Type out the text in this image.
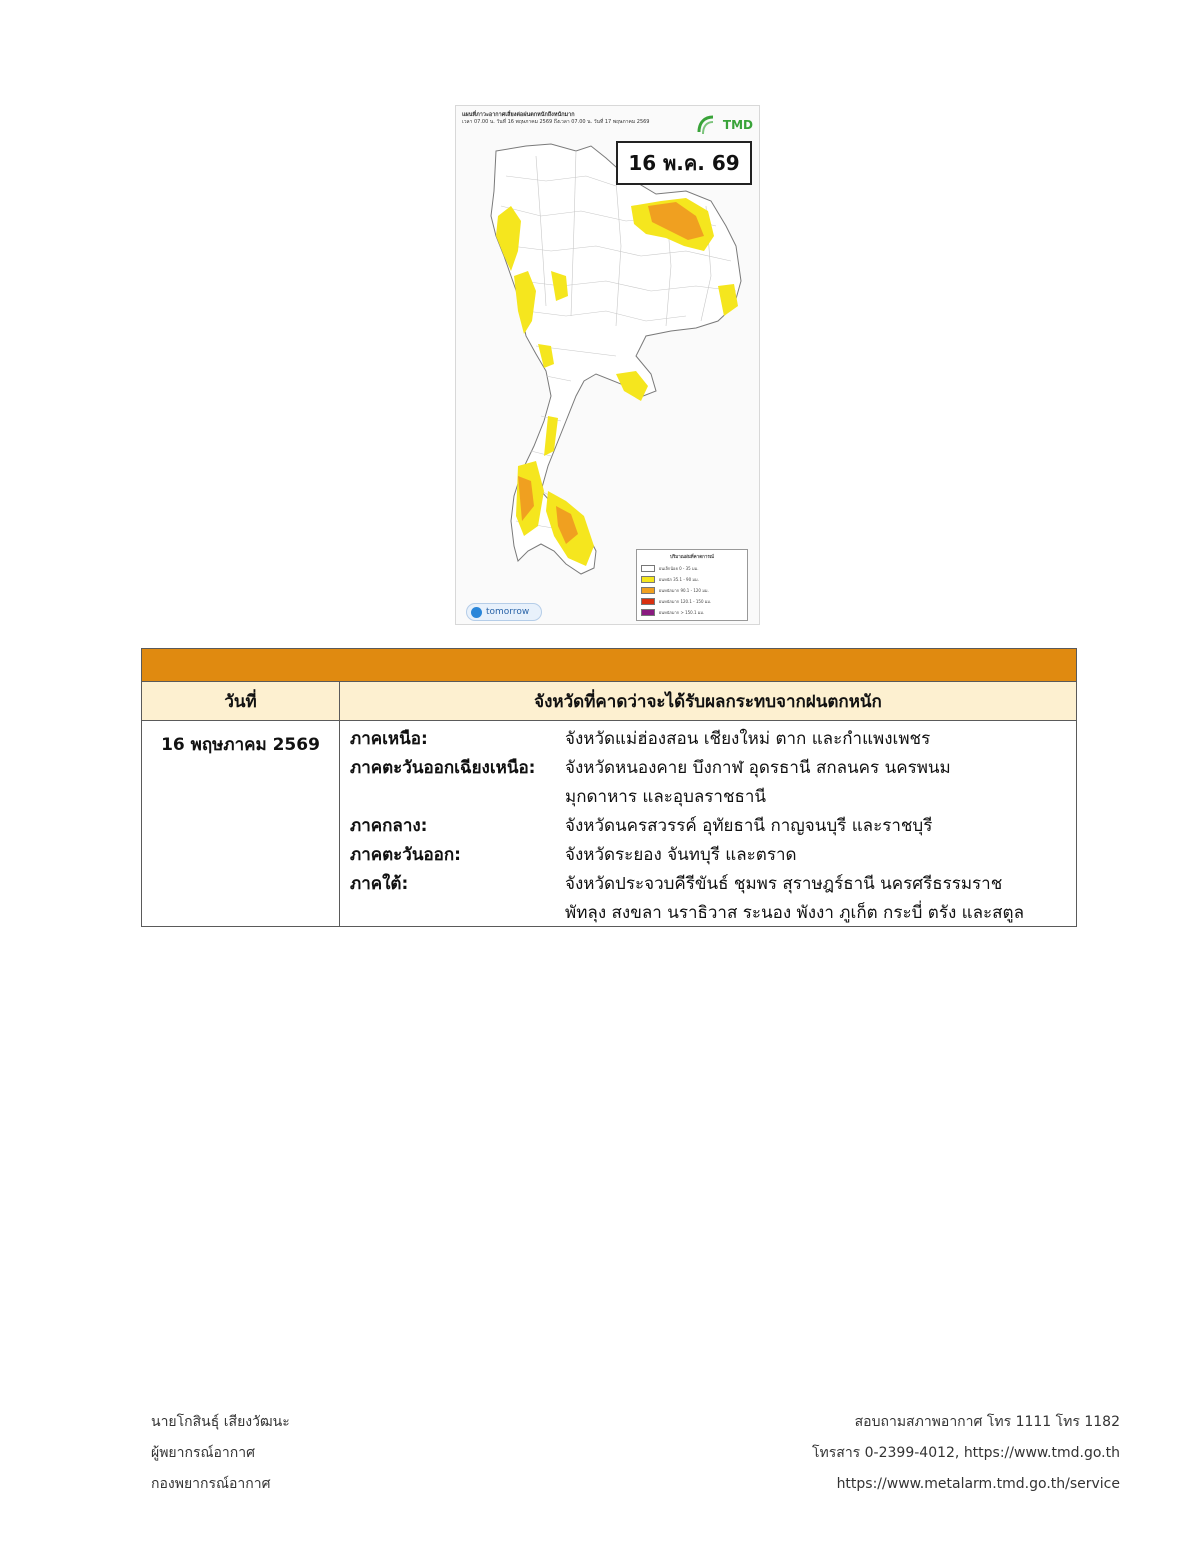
แผนที่ภาวะอากาศเสี่ยงต่อฝนตกหนักถึงหนักมาก
เวลา 07.00 น. วันที่ 16 พฤษภาคม 2569 ถึงเวลา 07.00 น. วันที่ 17 พฤษภาคม 2569	TMD
16 พ.ค. 69
ปริมาณฝนที่คาดการณ์
ฝนเล็กน้อย 0 - 35 มม.
ฝนหนัก 35.1 - 90 มม.
ฝนหนักมาก 90.1 - 120 มม.
ฝนหนักมาก 120.1 - 150 มม.
ฝนหนักมาก > 150.1 มม.
tomorrow
วันที่	จังหวัดที่คาดว่าจะได้รับผลกระทบจากฝนตกหนัก
16 พฤษภาคม 2569	ภาคเหนือ:	จังหวัดแม่ฮ่องสอน เชียงใหม่ ตาก และกำแพงเพชร
ภาคตะวันออกเฉียงเหนือ:	จังหวัดหนองคาย บึงกาฬ อุดรธานี สกลนคร นครพนม
มุกดาหาร และอุบลราชธานี
ภาคกลาง:	จังหวัดนครสวรรค์ อุทัยธานี กาญจนบุรี และราชบุรี
ภาคตะวันออก:	จังหวัดระยอง จันทบุรี และตราด
ภาคใต้:	จังหวัดประจวบคีรีขันธ์ ชุมพร สุราษฎร์ธานี นครศรีธรรมราช
พัทลุง สงขลา นราธิวาส ระนอง พังงา ภูเก็ต กระบี่ ตรัง และสตูล
นายโกสินธุ์ เสียงวัฒนะ
ผู้พยากรณ์อากาศ
กองพยากรณ์อากาศ
สอบถามสภาพอากาศ โทร 1111 โทร 1182
โทรสาร 0-2399-4012, https://www.tmd.go.th
https://www.metalarm.tmd.go.th/service
